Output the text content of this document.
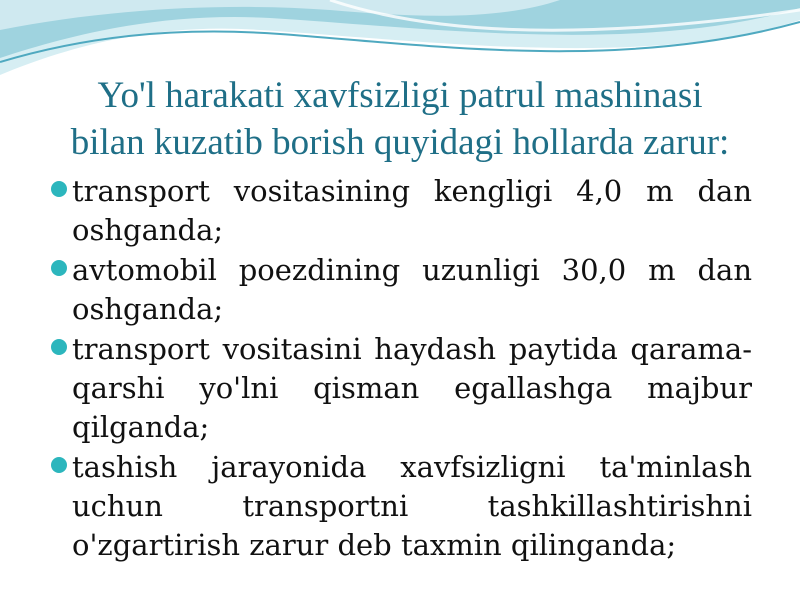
Yo'l harakati xavfsizligi patrul mashinasi
bilan kuzatib borish quyidagi hollarda zarur:
transport vositasining kengligi 4,0 m dan oshganda;
avtomobil poezdining uzunligi 30,0 m dan oshganda;
transport vositasini haydash paytida qarama-qarshi yo'lni qisman egallashga majbur qilganda;
tashish jarayonida xavfsizligni ta'minlash uchun transportni tashkillashtirishni o'zgartirish zarur deb taxmin qilinganda;
